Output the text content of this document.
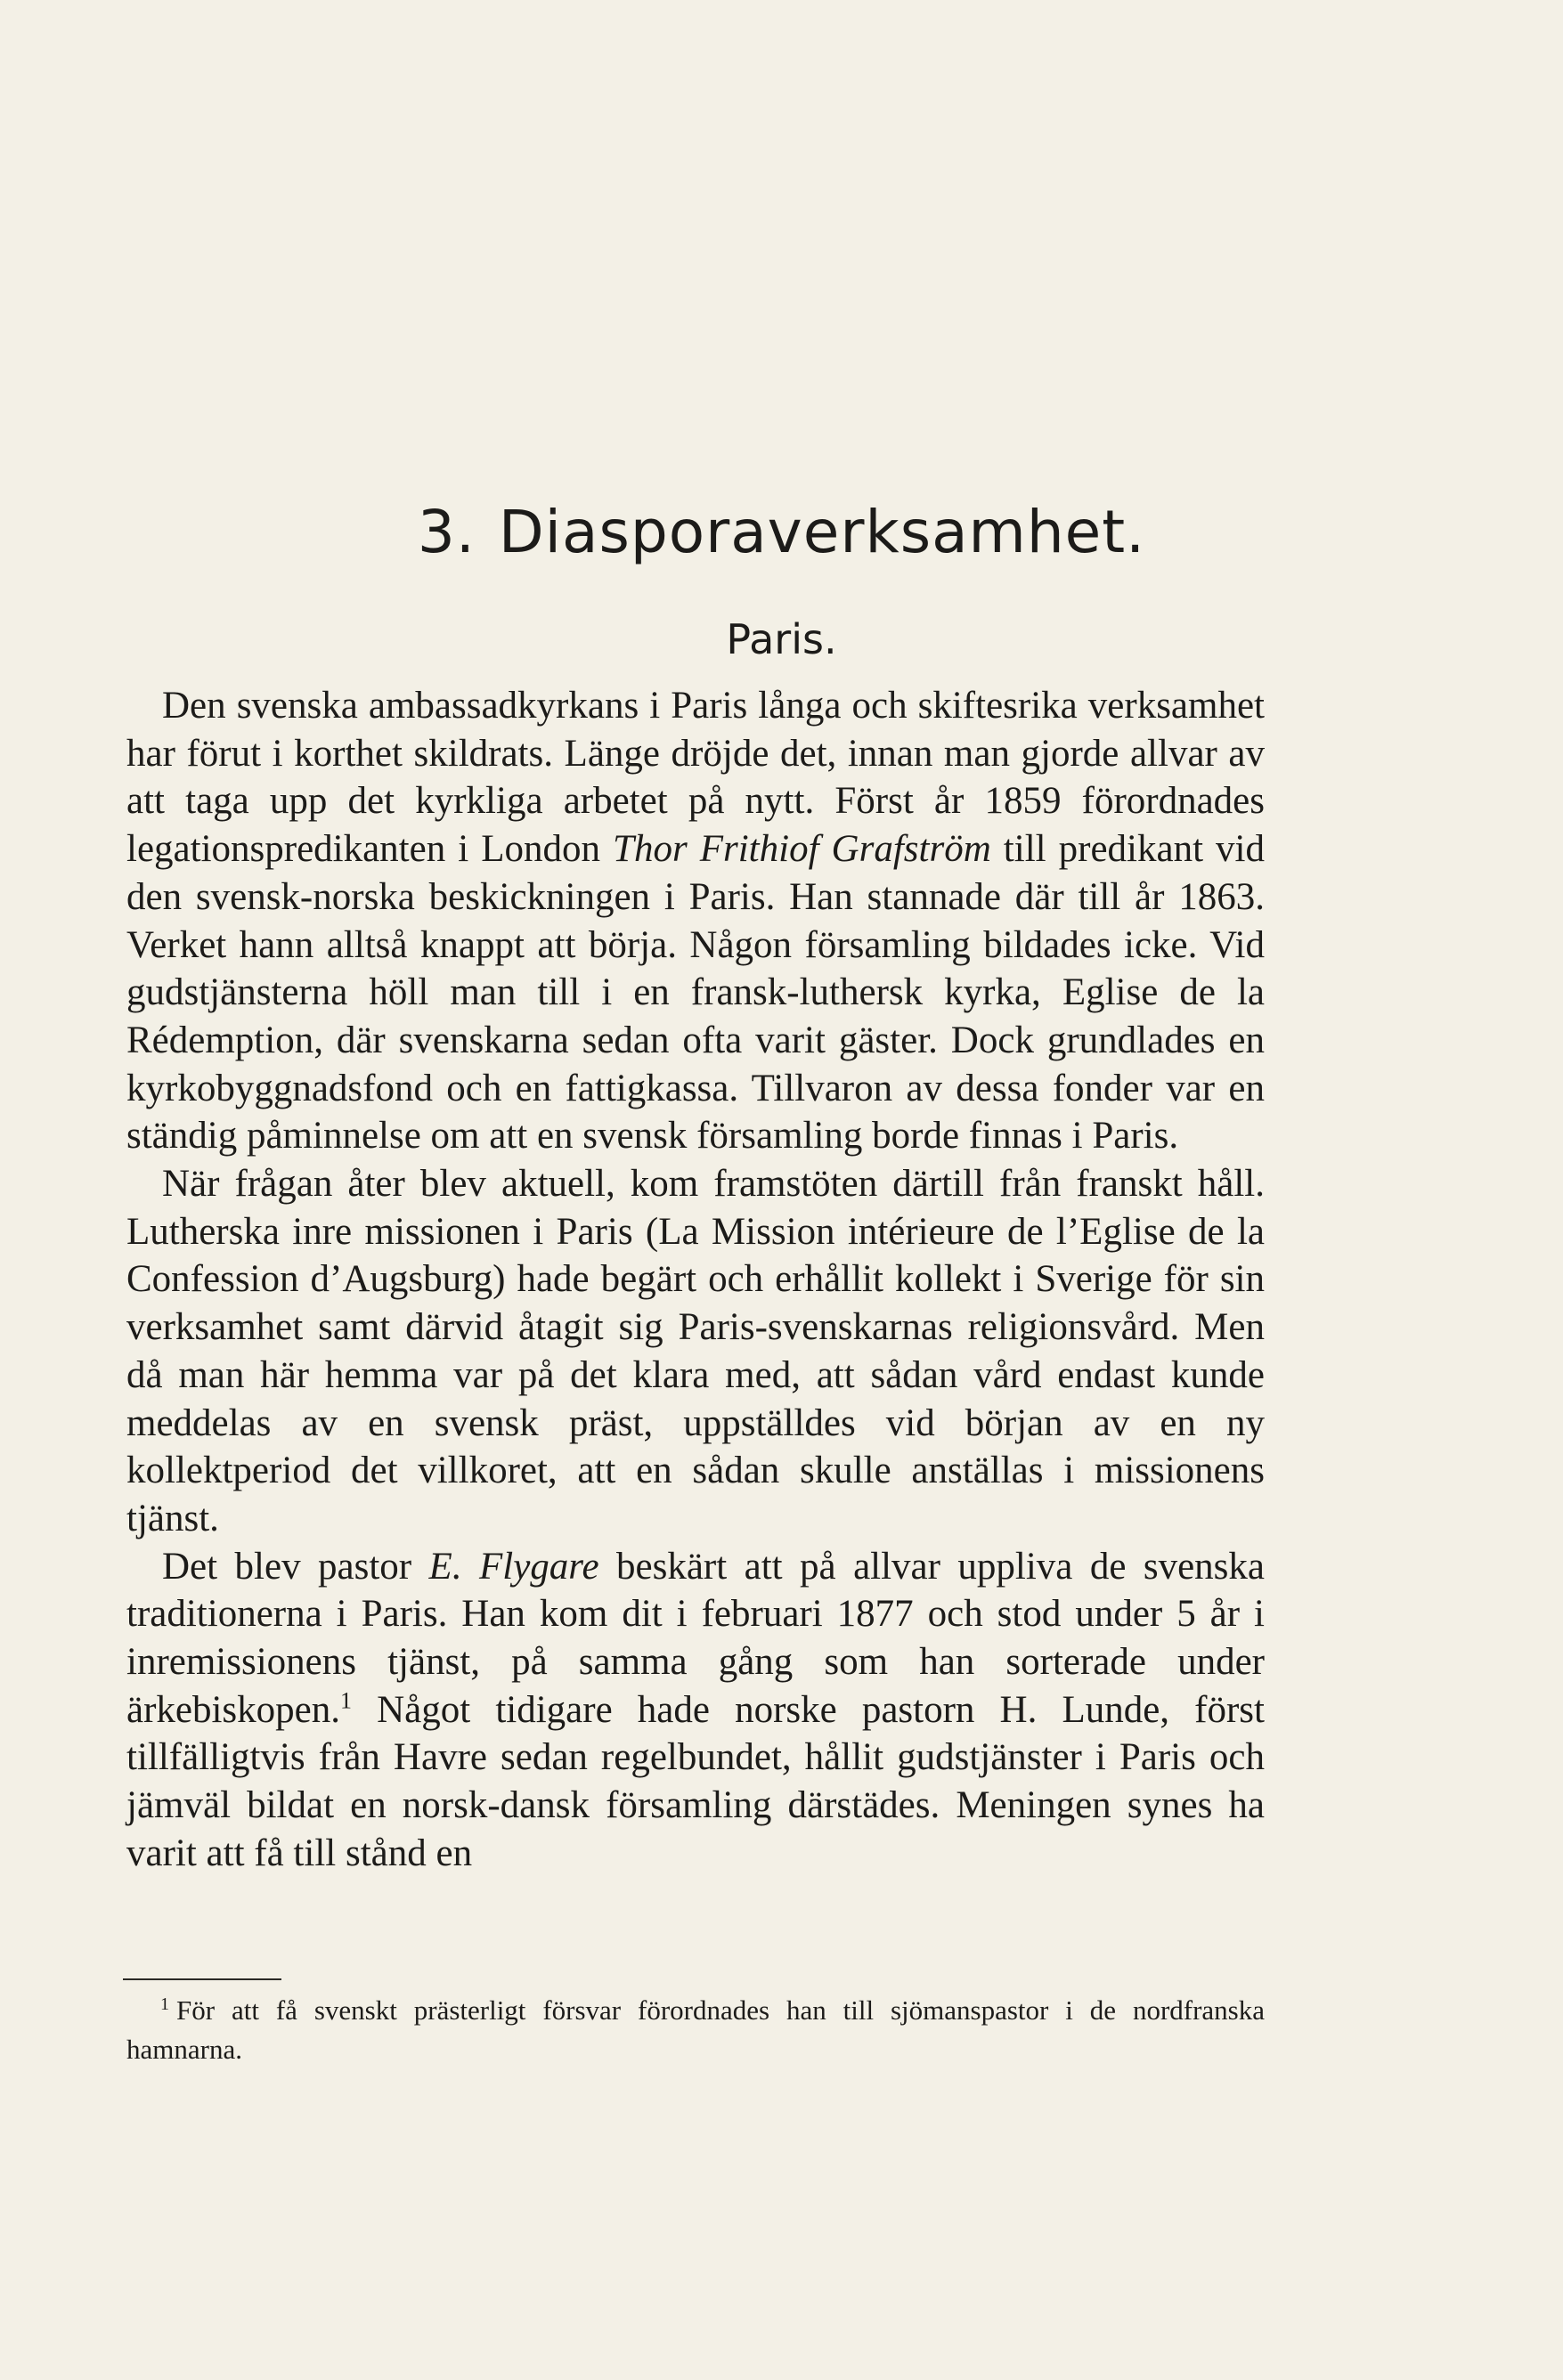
3. Diasporaverksamhet.
Paris.

Den svenska ambassadkyrkans i Paris långa och skiftesrika verksamhet har förut i korthet skildrats. Länge dröjde det, innan man gjorde allvar av att taga upp det kyrkliga arbetet på nytt. Först år 1859 förordnades legationspredikanten i London Thor Frithiof Grafström till predikant vid den svensk-norska beskickningen i Paris. Han stannade där till år 1863. Verket hann alltså knappt att börja. Någon församling bildades icke. Vid gudstjänsterna höll man till i en fransk-luthersk kyrka, Eglise de la Rédemption, där svenskarna sedan ofta varit gäster. Dock grundlades en kyrkobyggnadsfond och en fattigkassa. Tillvaron av dessa fonder var en ständig påminnelse om att en svensk församling borde finnas i Paris.

När frågan åter blev aktuell, kom framstöten därtill från franskt håll. Lutherska inre missionen i Paris (La Mission intérieure de l’Eglise de la Confession d’Augsburg) hade begärt och erhållit kollekt i Sverige för sin verksamhet samt därvid åtagit sig Paris-svenskarnas religionsvård. Men då man här hemma var på det klara med, att sådan vård endast kunde meddelas av en svensk präst, uppställdes vid början av en ny kollektperiod det villkoret, att en sådan skulle anställas i missionens tjänst.

Det blev pastor E. Flygare beskärt att på allvar uppliva de svenska traditionerna i Paris. Han kom dit i februari 1877 och stod under 5 år i inremissionens tjänst, på samma gång som han sorterade under ärkebiskopen.$^1$ Något tidigare hade norske pastorn H. Lunde, först tillfälligtvis från Havre sedan regelbundet, hållit gudstjänster i Paris och jämväl bildat en norsk-dansk församling därstädes. Meningen synes ha varit att få till stånd en

$^1$ För att få svenskt prästerligt försvar förordnades han till sjömanspastor i de nordfranska hamnarna.
